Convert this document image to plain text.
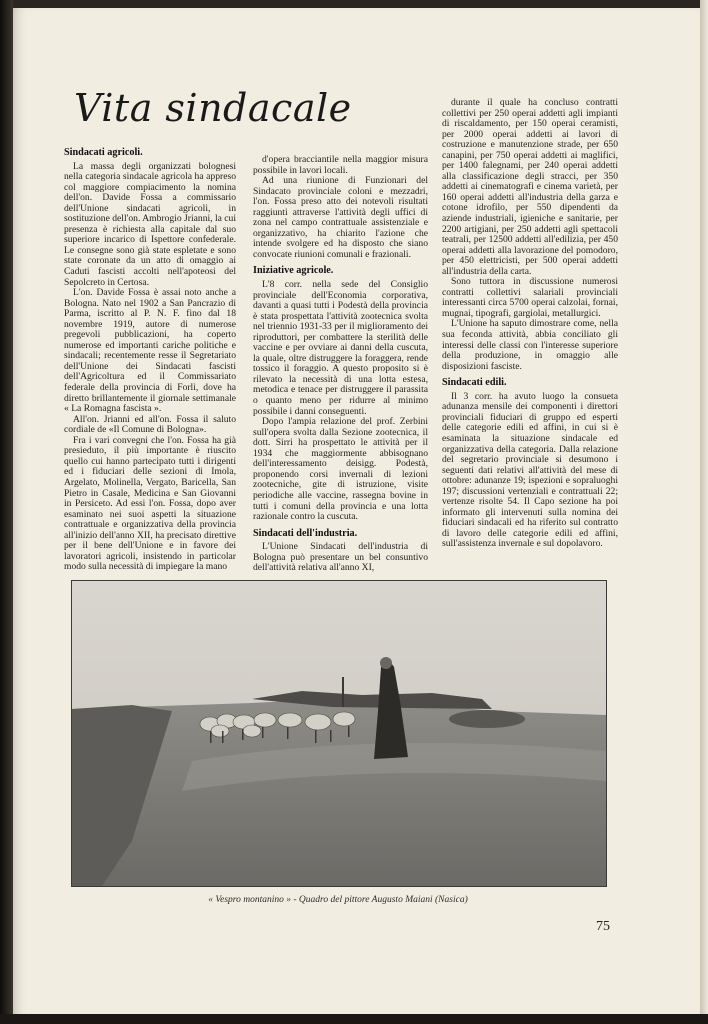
Vita sindacale
Sindacati agricoli.

La massa degli organizzati bolognesi nella categoria sindacale agricola ha appreso col maggiore compiacimento la nomina dell'on. Davide Fossa a commissario dell'Unione sindacati agricoli, in sostituzione dell'on. Ambrogio Jrianni, la cui presenza è richiesta alla capitale dal suo superiore incarico di Ispettore confederale. Le consegne sono già state espletate e sono state coronate da un atto di omaggio ai Caduti fascisti accolti nell'apoteosi del Sepolcreto in Certosa.

L'on. Davide Fossa è assai noto anche a Bologna. Nato nel 1902 a San Pancrazio di Parma, iscritto al P. N. F. fino dal 18 novembre 1919, autore di numerose pregevoli pubblicazioni, ha coperto numerose ed importanti cariche politiche e sindacali; recentemente resse il Segretariato dell'Unione dei Sindacati fascisti dell'Agricoltura ed il Commissariato federale della provincia di Forlì, dove ha diretto brillantemente il giornale settimanale « La Romagna fascista ».

All'on. Jrianni ed all'on. Fossa il saluto cordiale de «Il Comune di Bologna».

Fra i vari convegni che l'on. Fossa ha già presieduto, il più importante è riuscito quello cui hanno partecipato tutti i dirigenti ed i fiduciari delle sezioni di Imola, Argelato, Molinella, Vergato, Baricella, San Pietro in Casale, Medicina e San Giovanni in Persiceto. Ad essi l'on. Fossa, dopo aver esaminato nei suoi aspetti la situazione contrattuale e organizzativa della provincia all'inizio dell'anno XII, ha precisato direttive per il bene dell'Unione e in favore dei lavoratori agricoli, insistendo in particolar modo sulla necessità di impiegare la mano

d'opera bracciantile nella maggior misura possibile in lavori locali.

Ad una riunione di Funzionari del Sindacato provinciale coloni e mezzadri, l'on. Fossa preso atto dei notevoli risultati raggiunti attraverse l'attività degli uffici di zona nel campo contrattuale assistenziale e organizzativo, ha chiarito l'azione che intende svolgere ed ha disposto che siano convocate riunioni comunali e frazionali.

Iniziative agricole.

L'8 corr. nella sede del Consiglio provinciale dell'Economia corporativa, davanti a quasi tutti i Podestà della provincia è stata prospettata l'attività zootecnica svolta nel triennio 1931-33 per il miglioramento dei riproduttori, per combattere la sterilità delle vaccine e per ovviare ai danni della cuscuta, la quale, oltre distruggere la foraggera, rende tossico il foraggio. A questo proposito si è rilevato la necessità di una lotta estesa, metodica e tenace per distruggere il parassita o quanto meno per ridurre al minimo possibile i danni conseguenti.

Dopo l'ampia relazione del prof. Zerbini sull'opera svolta dalla Sezione zootecnica, il dott. Sirri ha prospettato le attività per il 1934 che maggiormente abbisognano dell'interessamento deisigg. Podestà, proponendo corsi invernali di lezioni zootecniche, gite di istruzione, visite periodiche alle vaccine, rassegna bovine in tutti i comuni della provincia e una lotta razionale contro la cuscuta.

Sindacati dell'industria.

L'Unione Sindacati dell'industria di Bologna può presentare un bel consuntivo dell'attività relativa all'anno XI,

durante il quale ha concluso contratti collettivi per 250 operai addetti agli impianti di riscaldamento, per 150 operai ceramisti, per 2000 operai addetti ai lavori di costruzione e manutenzione strade, per 650 canapini, per 750 operai addetti ai maglifici, per 1400 falegnami, per 240 operai addetti alla classificazione degli stracci, per 350 addetti ai cinematografi e cinema varietà, per 160 operai addetti all'industria della garza e cotone idrofilo, per 550 dipendenti da aziende industriali, igieniche e sanitarie, per 2200 artigiani, per 250 addetti agli spettacoli teatrali, per 12500 addetti all'edilizia, per 450 operai addetti alla lavorazione del pomodoro, per 450 elettricisti, per 500 operai addetti all'industria della carta.

Sono tuttora in discussione numerosi contratti collettivi salariali provinciali interessanti circa 5700 operai calzolai, fornai, mugnai, tipografi, gargiolai, metallurgici.

L'Unione ha saputo dimostrare come, nella sua feconda attività, abbia conciliato gli interessi delle classi con l'interesse superiore della produzione, in omaggio alle disposizioni fasciste.

Sindacati edili.

Il 3 corr. ha avuto luogo la consueta adunanza mensile dei componenti i direttori provinciali fiduciari di gruppo ed esperti delle categorie edili ed affini, in cui si è esaminata la situazione sindacale ed organizzativa della categoria. Dalla relazione del segretario provinciale si desumono i seguenti dati relativi all'attività del mese di ottobre: adunanze 19; ispezioni e sopraluoghi 197; discussioni vertenziali e contrattuali 22; vertenze risolte 54. Il Capo sezione ha poi informato gli intervenuti sulla nomina dei fiduciari sindacali ed ha riferito sul contratto di lavoro delle categorie edili ed affini, sull'assistenza invernale e sul dopolavoro.

« Vespro montanino » - Quadro del pittore Augusto Maiani (Nasica)
75
